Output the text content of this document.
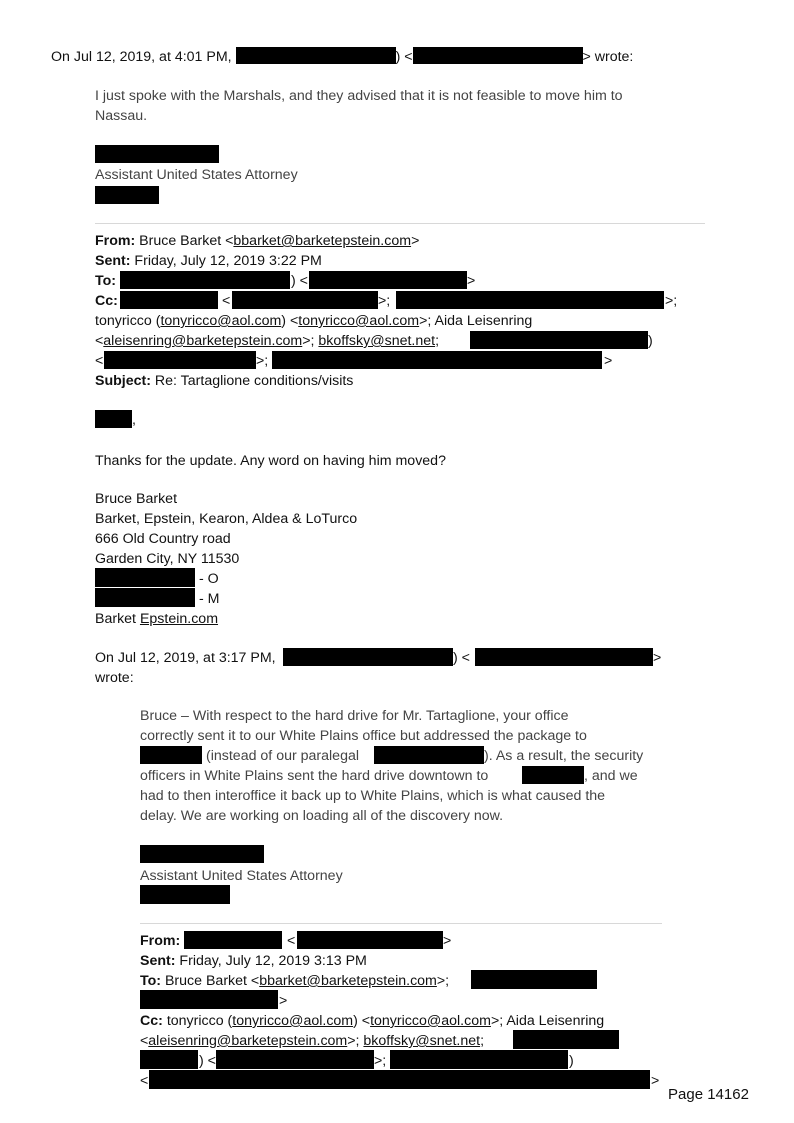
On Jul 12, 2019, at 4:01 PM,	) <	> wrote:
I just spoke with the Marshals, and they advised that it is not feasible to move him to
Nassau.
Assistant United States Attorney
From: Bruce Barket <bbarket@barketepstein.com>
Sent: Friday, July 12, 2019 3:22 PM
To:	) <	>
Cc:	<	>;	>;
tonyricco (tonyricco@aol.com) <tonyricco@aol.com>; Aida Leisenring
<aleisenring@barketepstein.com>; bkoffsky@snet.net;	)
<	>;	>
Subject: Re: Tartaglione conditions/visits
,
Thanks for the update. Any word on having him moved?
Bruce Barket
Barket, Epstein, Kearon, Aldea & LoTurco
666 Old Country road
Garden City, NY 11530
- O
- M
Barket Epstein.com
On Jul 12, 2019, at 3:17 PM,	) <	>
wrote:
Bruce – With respect to the hard drive for Mr. Tartaglione, your office
correctly sent it to our White Plains office but addressed the package to
(instead of our paralegal	). As a result, the security
officers in White Plains sent the hard drive downtown to	, and we
had to then interoffice it back up to White Plains, which is what caused the
delay. We are working on loading all of the discovery now.
Assistant United States Attorney
From:	<	>
Sent: Friday, July 12, 2019 3:13 PM
To: Bruce Barket <bbarket@barketepstein.com>;
>
Cc: tonyricco (tonyricco@aol.com) <tonyricco@aol.com>; Aida Leisenring
<aleisenring@barketepstein.com>; bkoffsky@snet.net;
) <	>;	)
<	>
Page 14162
